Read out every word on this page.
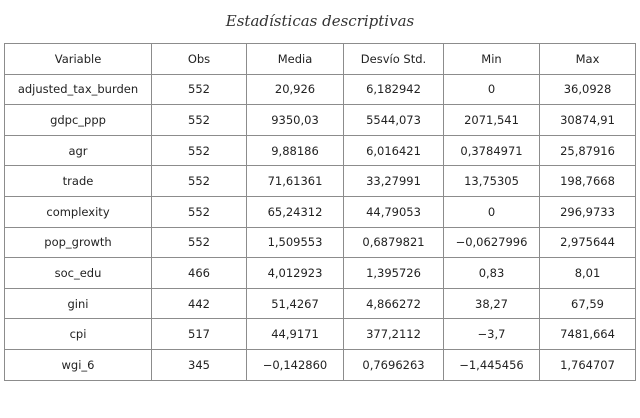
Estadísticas descriptivas
Variable	Obs	Media	Desvío Std.	Min	Max
adjusted_tax_burden	552	20,926	6,182942	0	36,0928
gdpc_ppp	552	9350,03	5544,073	2071,541	30874,91
agr	552	9,88186	6,016421	0,3784971	25,87916
trade	552	71,61361	33,27991	13,75305	198,7668
complexity	552	65,24312	44,79053	0	296,9733
pop_growth	552	1,509553	0,6879821	−0,0627996	2,975644
soc_edu	466	4,012923	1,395726	0,83	8,01
gini	442	51,4267	4,866272	38,27	67,59
cpi	517	44,9171	377,2112	−3,7	7481,664
wgi_6	345	−0,142860	0,7696263	−1,445456	1,764707
